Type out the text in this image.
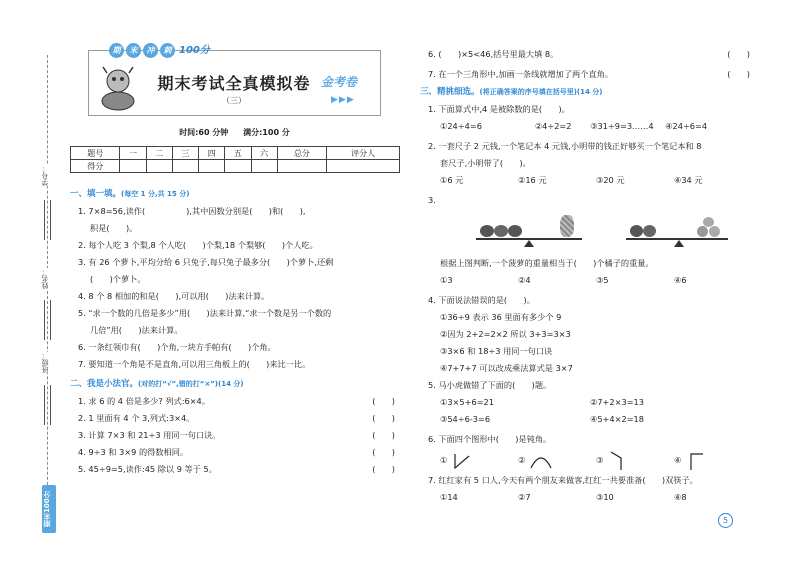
学号：
姓名：
班级：
期末100分
期	末	冲	刺 100分
期末考试全真模拟卷
（三）
金考卷
▶▶▶
时间:60 分钟 满分:100 分
题号	一	二	三	四	五	六	总分	评分人
得分								
一、填一填。(每空 1 分,共 15 分)
1. 7×8=56,读作(　　　　　),其中因数分别是(　　)和(　　),
积是(　　)。
2. 每个人吃 3 个梨,8 个人吃(　　)个梨,18 个梨够(　　)个人吃。
3. 有 26 个萝卜,平均分给 6 只兔子,每只兔子最多分(　　)个萝卜,还剩
(　　)个萝卜。
4. 8 个 8 相加的和是(　　),可以用(　　)法来计算。
5. “求一个数的几倍是多少”用(　　)法来计算,“求一个数是另一个数的
几倍”用(　　)法来计算。
6. 一条红领巾有(　　)个角,一块方手帕有(　　)个角。
7. 要知道一个角是不是直角,可以用三角板上的(　　)来比一比。
二、我是小法官。(对的打“√”,错的打“×”)(14 分)
1. 求 6 的 4 倍是多少? 列式:6×4。	(　　)
2. 1 里面有 4 个 3,列式:3×4。	(　　)
3. 计算 7×3 和 21÷3 用同一句口诀。	(　　)
4. 9÷3 和 3×9 的得数相同。	(　　)
5. 45÷9=5,读作:45 除以 9 等于 5。	(　　)
6. (　　)×5<46,括号里最大填 8。	(　　)
7. 在一个三角形中,加画一条线就增加了两个直角。	(　　)
三、精挑细选。(将正确答案的序号填在括号里)(14 分)
1. 下面算式中,4 是被除数的是(　　)。
①24÷4=6	②4÷2=2	③31÷9=3……4	④24÷6=4
2. 一套尺子 2 元钱,一个笔记本 4 元钱,小明带的钱正好够买一个笔记本和 8
套尺子,小明带了(　　)。
①6 元	②16 元	③20 元	④34 元
3.
根据上图判断,一个菠萝的重量相当于(　　)个橘子的重量。
①3	②4	③5	④6
4. 下面说法错误的是(　　)。
①36÷9 表示 36 里面有多少个 9
②因为 2+2=2×2 所以 3+3=3×3
③3×6 和 18÷3 用同一句口诀
④7+7+7 可以改成乘法算式是 3×7
5. 马小虎做错了下面的(　　)题。
①3×5+6=21	②7+2×3=13
③54÷6-3=6	④5+4×2=18
6. 下面四个图形中(　　)是钝角。
①	②	③	④
7. 红红家有 5 口人,今天有两个朋友来做客,红红一共要准备(　　)双筷子。
①14	②7	③10	④8
5
